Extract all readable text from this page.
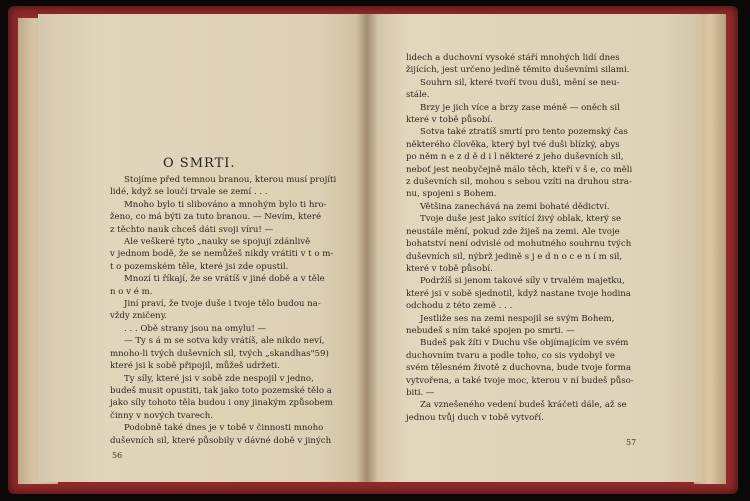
O SMRTI.

Stojíme před temnou branou, kterou musí projíti

lidé, když se loučí trvale se zemí . . .

Mnoho bylo ti slibováno a mnohým bylo ti hro-

ženo, co má býti za tuto branou. — Nevím, které

z těchto nauk chceš dáti svoji víru! —

Ale veškeré tyto „nauky se spojují zdánlivě

v jednom bodě, že se nemůžeš nikdy vrátiti v t o m-

t o pozemském těle, které jsi zde opustil.

Mnozí ti říkají, že se vrátíš v jiné době a v těle

n o v é m.

Jiní praví, že tvoje duše i tvoje tělo budou na-

vždy zničeny.

. . . Obě strany jsou na omylu! —

— Ty s á m se sotva kdy vrátíš, ale nikdo neví,

mnoho-li tvých duševních sil, tvých „skandhas"59)

které jsi k sobě připojil, můžeš udržeti.

Ty síly, které jsi v sobě zde nespojil v jedno,

budeš musit opustiti, tak jako toto pozemské tělo a

jako síly tohoto těla budou i ony jinakým způsobem

činny v nových tvarech.

Podobně také dnes je v tobě v činnosti mnoho

duševních sil, které působily v dávné době v jiných

56

lidech a duchovní vysoké stáří mnohých lidí dnes

žijících, jest určeno jedině těmito duševními silami.

Souhrn sil, které tvoří tvou duši, mění se neu-

stále.

Brzy je jich více a brzy zase méně — oněch sil

které v tobě působí.

Sotva také ztratíš smrtí pro tento pozemský čas

některého člověka, který byl tvé duši blízký, abys

po něm n e z d ě d i l některé z jeho duševních sil,

neboť jest neobyčejně málo těch, kteří v š e, co měli

z duševních sil, mohou s sebou vzíti na druhou stra-

nu, spojeni s Bohem.

Většina zanechává na zemi bohaté dědictví.

Tvoje duše jest jako svítící živý oblak, který se

neustále mění, pokud zde žiješ na zemi. Ale tvoje

bohatství není odvislé od mohutného souhrnu tvých

duševních sil, nýbrž jedině s j e d n o c e n í m sil,

které v tobě působí.

Podržíš si jenom takové síly v trvalém majetku,

které jsi v sobě sjednotil, když nastane tvoje hodina

odchodu z této země . . .

Jestliže ses na zemi nespojil se svým Bohem,

nebudeš s ním také spojen po smrti. —

Budeš pak žíti v Duchu vše objímajícím ve svém

duchovním tvaru a podle toho, co sis vydobyl ve

svém tělesném životě z duchovna, bude tvoje forma

vytvořena, a také tvoje moc, kterou v ní budeš půso-

biti. —

Za vznešeného vedení budeš kráčeti dále, až se

jednou tvůj duch v tobě vytvoří.

57
